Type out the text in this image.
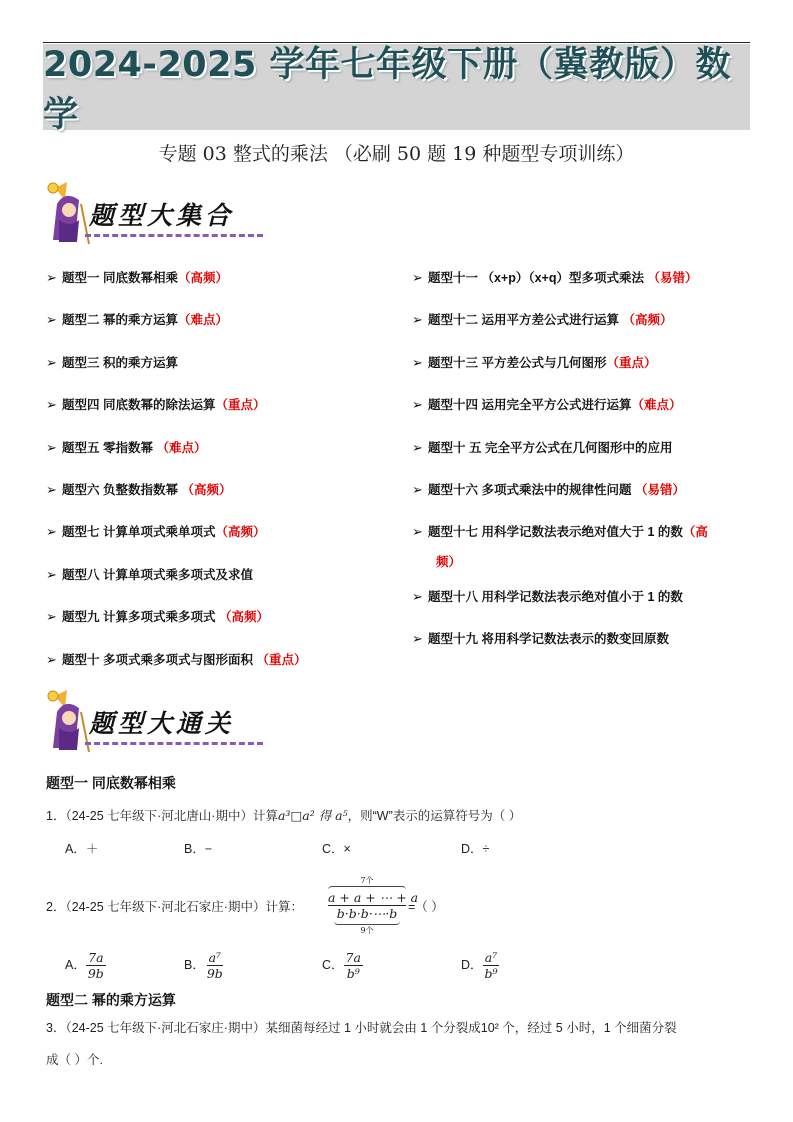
2024-2025 学年七年级下册（冀教版）数学
专题 03 整式的乘法 （必刷 50 题 19 种题型专项训练）
题型大集合
➢ 题型一 同底数幂相乘（高频）
➢ 题型二 幂的乘方运算（难点）
➢ 题型三 积的乘方运算
➢ 题型四 同底数幂的除法运算（重点）
➢ 题型五 零指数幂 （难点）
➢ 题型六 负整数指数幂 （高频）
➢ 题型七 计算单项式乘单项式（高频）
➢ 题型八 计算单项式乘多项式及求值
➢ 题型九 计算多项式乘多项式 （高频）
➢ 题型十 多项式乘多项式与图形面积 （重点）
➢ 题型十一 （x+p）（x+q）型多项式乘法 （易错）
➢ 题型十二 运用平方差公式进行运算 （高频）
➢ 题型十三 平方差公式与几何图形（重点）
➢ 题型十四 运用完全平方公式进行运算（难点）
➢ 题型十 五 完全平方公式在几何图形中的应用
➢ 题型十六 多项式乘法中的规律性问题 （易错）
➢ 题型十七 用科学记数法表示绝对值大于 1 的数（高
频）
➢ 题型十八 用科学记数法表示绝对值小于 1 的数
➢ 题型十九 将用科学记数法表示的数变回原数
题型大通关
题型一 同底数幂相乘
1．（24-25 七年级下·河北唐山·期中）计算a³□a² 得 a⁵，则“W”表示的运算符号为（ ）
A．＋	B．−	C．×	D．÷
2．（24-25 七年级下·河北石家庄·期中）计算：
7个
a + a + ⋯ + a
b·b·b·⋯·b
9个
=（ ）
A． $\frac{7a}{9b}$	B． $\frac{\text{a⁷}}{9b}$	C． $\frac{7a}{\text{b⁹}}$	D． $\frac{\text{a⁷}}{\text{b⁹}}$
题型二 幂的乘方运算
3．（24-25 七年级下·河北石家庄·期中）某细菌每经过 1 小时就会由 1 个分裂成10² 个，经过 5 小时，1 个细菌分裂
成（ ）个.
